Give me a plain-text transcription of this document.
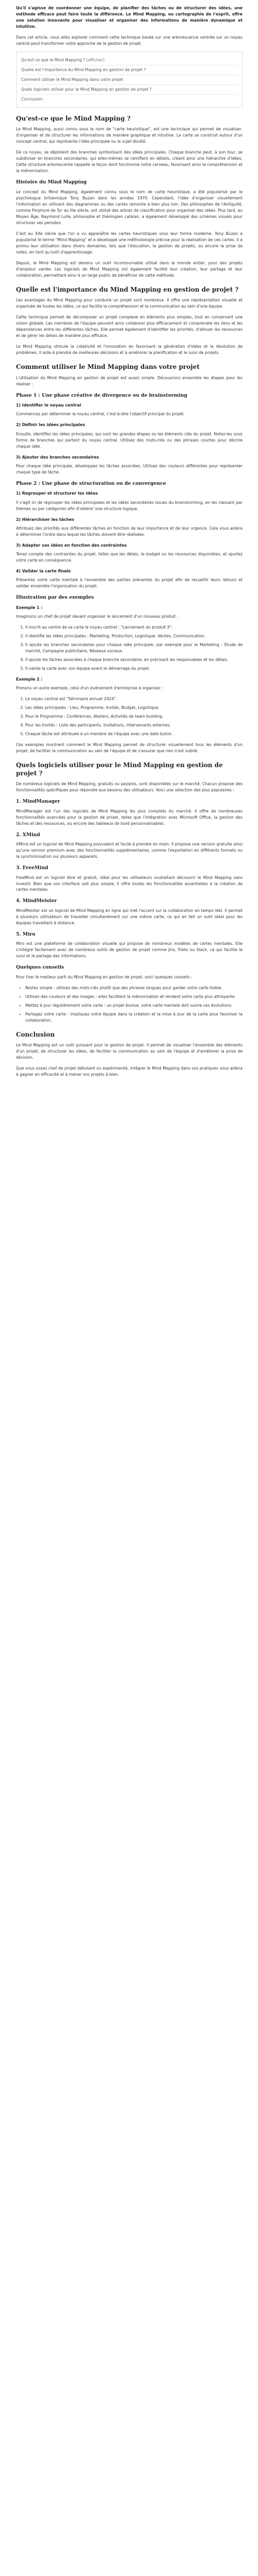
Qu'il s'agisse de coordonner une équipe, de planifier des tâches ou de structurer des idées, une méthode efficace peut faire toute la différence. Le Mind Mapping, ou cartographie de l'esprit, offre une solution innovante pour visualiser et organiser des informations de manière dynamique et intuitive.

Dans cet article, vous allez explorer comment cette technique basée sur une arborescence centrée sur un noyau central peut transformer votre approche de la gestion de projet.

Qu'est-ce que le Mind Mapping ? [afficher]
Quelle est l'importance du Mind Mapping en gestion de projet ?
Comment utiliser le Mind Mapping dans votre projet
Quels logiciels utiliser pour le Mind Mapping en gestion de projet ?
Conclusion
Qu'est-ce que le Mind Mapping ?

Le Mind Mapping, aussi connu sous le nom de "carte heuristique", est une technique qui permet de visualiser, d'organiser et de structurer les informations de manière graphique et intuitive. La carte se construit autour d'un concept central, qui représente l'idée principale ou le sujet étudié.

De ce noyau, se déploient des branches symbolisant des idées principales. Chaque branche peut, à son tour, se subdiviser en branches secondaires, qui elles-mêmes se ramifient en détails, créant ainsi une hiérarchie d'idées. Cette structure arborescente rappelle la façon dont fonctionne notre cerveau, favorisant ainsi la compréhension et la mémorisation.

Histoire du Mind Mapping

Le concept du Mind Mapping, également connu sous le nom de carte heuristique, a été popularisé par le psychologue britannique Tony Buzan dans les années 1970. Cependant, l'idée d'organiser visuellement l'information en utilisant des diagrammes ou des cartes remonte à bien plus loin. Des philosophes de l'Antiquité, comme Porphyre de Tyr au IIIe siècle, ont utilisé des arbres de classification pour organiser des idées. Plus tard, au Moyen Âge, Raymond Lulle, philosophe et théologien catalan, a également développé des schémas visuels pour structurer ses pensées.

C'est au XXe siècle que l'on a vu apparaître les cartes heuristiques sous leur forme moderne. Tony Buzan a popularisé le terme "Mind Mapping" et a développé une méthodologie précise pour la réalisation de ces cartes. Il a promu leur utilisation dans divers domaines, tels que l'éducation, la gestion de projets, ou encore la prise de notes, en tant qu'outil d'apprentissage.

Depuis, le Mind Mapping est devenu un outil incontournable utilisé dans le monde entier, pour des projets d'ampleur variée. Les logiciels de Mind Mapping ont également facilité leur création, leur partage et leur collaboration, permettant ainsi à un large public de bénéficier de cette méthode.

Quelle est l'importance du Mind Mapping en gestion de projet ?

Les avantages du Mind Mapping pour conduire un projet sont nombreux. Il offre une représentation visuelle et organisée de toutes les idées, ce qui facilite la compréhension et la communication au sein d'une équipe.

Cette technique permet de décomposer un projet complexe en éléments plus simples, tout en conservant une vision globale. Les membres de l'équipe peuvent ainsi collaborer plus efficacement et comprendre les liens et les dépendances entre les différentes tâches. Elle permet également d'identifier les priorités, d'allouer les ressources et de gérer les délais de manière plus efficace.

Le Mind Mapping stimule la créativité et l'innovation en favorisant la génération d'idées et la résolution de problèmes. Il aide à prendre de meilleures décisions et à améliorer la planification et le suivi de projets.

Comment utiliser le Mind Mapping dans votre projet

L'utilisation du Mind Mapping en gestion de projet est assez simple. Découvrons ensemble les étapes pour les réaliser :

Phase 1 : Une phase créative de divergence ou de brainstorming
1) Identifier le noyau central

Commencez par déterminer le noyau central, c'est-à-dire l'objectif principal du projet.

2) Définir les idées principales

Ensuite, identifiez les idées principales, qui sont les grandes étapes ou les éléments clés du projet. Notez-les sous forme de branches qui partent du noyau central. Utilisez des mots-clés ou des phrases courtes pour décrire chaque idée.

3) Ajouter des branches secondaires

Pour chaque idée principale, développez les tâches associées. Utilisez des couleurs différentes pour représenter chaque type de tâche.

Phase 2 : Une phase de structuration ou de convergence
1) Regrouper et structurer les idées

Il s'agit ici de regrouper les idées principales et les idées secondaires issues du brainstorming, en les classant par thèmes ou par catégories afin d'obtenir une structure logique.

2) Hiérarchiser les tâches

Attribuez des priorités aux différentes tâches en fonction de leur importance et de leur urgence. Cela vous aidera à déterminer l'ordre dans lequel les tâches doivent être réalisées.

3) Adapter vos idées en fonction des contraintes

Tenez compte des contraintes du projet, telles que les délais, le budget ou les ressources disponibles, et ajustez votre carte en conséquence.

4) Valider la carte finale

Présentez votre carte mentale à l'ensemble des parties prenantes du projet afin de recueillir leurs retours et valider ensemble l'organisation du projet.

Illustration par des exemples
Exemple 1 :

Imaginons un chef de projet devant organiser le lancement d'un nouveau produit :

1. Il inscrit au centre de sa carte le noyau central : "Lancement du produit X".
2. Il identifie les idées principales : Marketing, Production, Logistique, Ventes, Communication.
3. Il ajoute les branches secondaires pour chaque idée principale, par exemple pour le Marketing : Étude de marché, Campagne publicitaire, Réseaux sociaux.
4. Il ajoute les tâches associées à chaque branche secondaire, en précisant les responsables et les délais.
5. Il valide la carte avec son équipe avant le démarrage du projet.
Exemple 2 :

Prenons un autre exemple, celui d'un événement d'entreprise à organiser :

1. Le noyau central est "Séminaire annuel 2024".
2. Les idées principales : Lieu, Programme, Invités, Budget, Logistique.
3. Pour le Programme : Conférences, Ateliers, Activités de team building.
4. Pour les Invités : Liste des participants, Invitations, Intervenants externes.
5. Chaque tâche est attribuée à un membre de l'équipe avec une date butoir.

Ces exemples montrent comment le Mind Mapping permet de structurer visuellement tous les éléments d'un projet, de faciliter la communication au sein de l'équipe et de s'assurer que rien n'est oublié.

Quels logiciels utiliser pour le Mind Mapping en gestion de projet ?

De nombreux logiciels de Mind Mapping, gratuits ou payants, sont disponibles sur le marché. Chacun propose des fonctionnalités spécifiques pour répondre aux besoins des utilisateurs. Voici une sélection des plus populaires :

1. MindManager

MindManager est l'un des logiciels de Mind Mapping les plus complets du marché. Il offre de nombreuses fonctionnalités avancées pour la gestion de projet, telles que l'intégration avec Microsoft Office, la gestion des tâches et des ressources, ou encore des tableaux de bord personnalisables.

2. XMind

XMind est un logiciel de Mind Mapping polyvalent et facile à prendre en main. Il propose une version gratuite ainsi qu'une version premium avec des fonctionnalités supplémentaires, comme l'exportation en différents formats ou la synchronisation sur plusieurs appareils.

3. FreeMind

FreeMind est un logiciel libre et gratuit, idéal pour les utilisateurs souhaitant découvrir le Mind Mapping sans investir. Bien que son interface soit plus simple, il offre toutes les fonctionnalités essentielles à la création de cartes mentales.

4. MindMeister

MindMeister est un logiciel de Mind Mapping en ligne qui met l'accent sur la collaboration en temps réel. Il permet à plusieurs utilisateurs de travailler simultanément sur une même carte, ce qui en fait un outil idéal pour les équipes travaillant à distance.

5. Miro

Miro est une plateforme de collaboration visuelle qui propose de nombreux modèles de cartes mentales. Elle s'intègre facilement avec de nombreux outils de gestion de projet comme Jira, Trello ou Slack, ce qui facilite le suivi et le partage des informations.

Quelques conseils

Pour tirer le meilleur parti du Mind Mapping en gestion de projet, voici quelques conseils :

• Restez simple : utilisez des mots-clés plutôt que des phrases longues pour garder votre carte lisible.
• Utilisez des couleurs et des images : elles facilitent la mémorisation et rendent votre carte plus attrayante.
• Mettez à jour régulièrement votre carte : un projet évolue, votre carte mentale doit suivre ces évolutions.
• Partagez votre carte : impliquez votre équipe dans la création et la mise à jour de la carte pour favoriser la collaboration.
Conclusion

Le Mind Mapping est un outil puissant pour la gestion de projet. Il permet de visualiser l'ensemble des éléments d'un projet, de structurer les idées, de faciliter la communication au sein de l'équipe et d'améliorer la prise de décision.

Que vous soyez chef de projet débutant ou expérimenté, intégrer le Mind Mapping dans vos pratiques vous aidera à gagner en efficacité et à mener vos projets à bien.
